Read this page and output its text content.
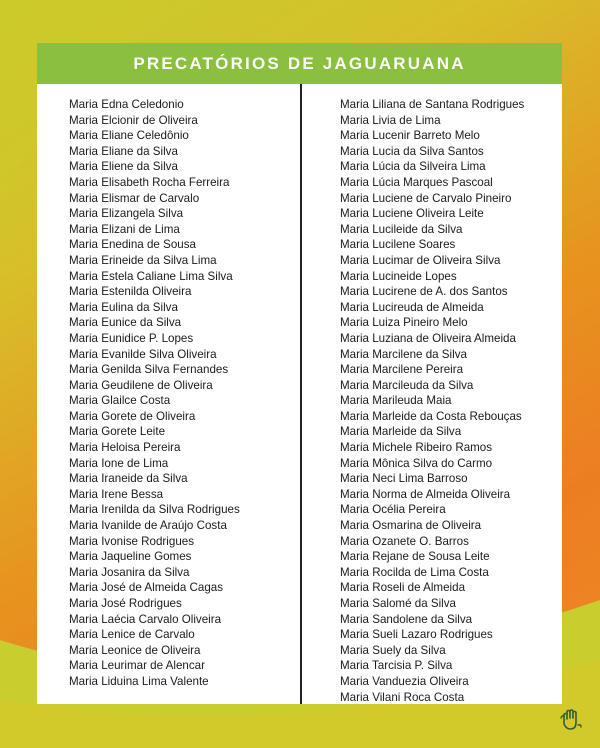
PRECATÓRIOS DE JAGUARUANA
Maria Edna Celedonio
Maria Elcionir de Oliveira
Maria Eliane Celedônio
Maria Eliane da Silva
Maria Eliene da Silva
Maria Elisabeth Rocha Ferreira
Maria Elismar de Carvalo
Maria Elizangela Silva
Maria Elizani de Lima
Maria Enedina de Sousa
Maria Erineide da Silva Lima
Maria Estela Caliane Lima Silva
Maria Estenilda Oliveira
Maria Eulina da Silva
Maria Eunice da Silva
Maria Eunidice P. Lopes
Maria Evanilde Silva Oliveira
Maria Genilda Silva Fernandes
Maria Geudilene de Oliveira
Maria Glailce Costa
Maria Gorete de Oliveira
Maria Gorete Leite
Maria Heloisa Pereira
Maria Ione de Lima
Maria Iraneide da Silva
Maria Irene Bessa
Maria Irenilda da Silva Rodrigues
Maria Ivanilde de Araújo Costa
Maria Ivonise Rodrigues
Maria Jaqueline Gomes
Maria Josanira da Silva
Maria José de Almeida Cagas
Maria José Rodrigues
Maria Laécia Carvalo Oliveira
Maria Lenice de Carvalo
Maria Leonice de Oliveira
Maria Leurimar de Alencar
Maria Liduina Lima Valente
Maria Liliana de Santana Rodrigues
Maria Livia de Lima
Maria Lucenir Barreto Melo
Maria Lucia da Silva Santos
Maria Lúcia da Silveira Lima
Maria Lúcia Marques Pascoal
Maria Luciene de Carvalo Pineiro
Maria Luciene Oliveira Leite
Maria Lucileide da Silva
Maria Lucilene Soares
Maria Lucimar de Oliveira Silva
Maria Lucineide Lopes
Maria Lucirene de A. dos Santos
Maria Lucireuda de Almeida
Maria Luiza Pineiro Melo
Maria Luziana de Oliveira Almeida
Maria Marcilene da Silva
Maria Marcilene Pereira
Maria Marcileuda da Silva
Maria Marileuda Maia
Maria Marleide da Costa Rebouças
Maria Marleide da Silva
Maria Michele Ribeiro Ramos
Maria Mônica Silva do Carmo
Maria Neci Lima Barroso
Maria Norma de Almeida Oliveira
Maria Océlia Pereira
Maria Osmarina de Oliveira
Maria Ozanete O. Barros
Maria Rejane de Sousa Leite
Maria Rocilda de Lima Costa
Maria Roseli de Almeida
Maria Salomé da Silva
Maria Sandolene da Silva
Maria Sueli Lazaro Rodrigues
Maria Suely da Silva
Maria Tarcisia P. Silva
Maria Vanduezia Oliveira
Maria Vilani Roca Costa
